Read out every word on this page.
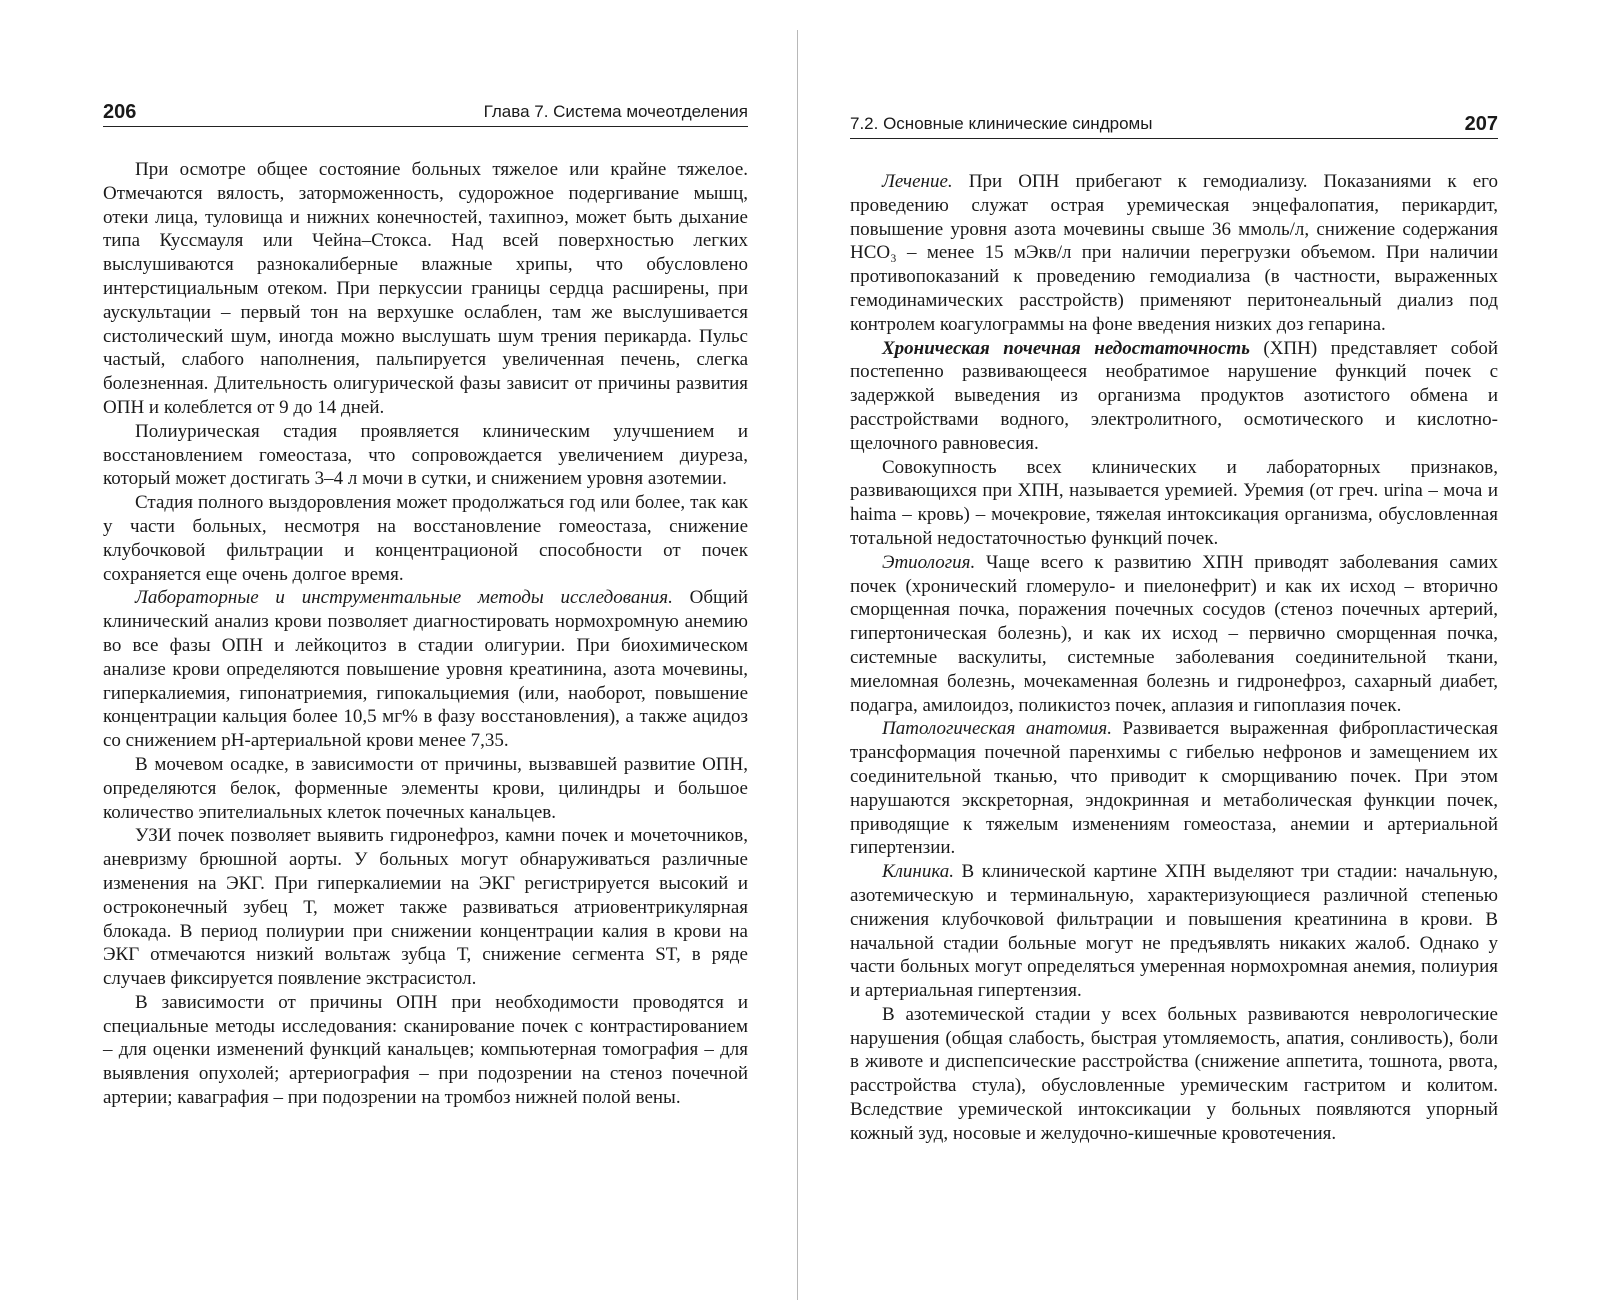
206	Глава 7. Система мочеотделения

При осмотре общее состояние больных тяжелое или крайне тяжелое. Отмечаются вялость, заторможенность, судорожное подергивание мышц, отеки лица, туловища и нижних конечностей, тахипноэ, может быть дыхание типа Куссмауля или Чейна–Стокса. Над всей поверхностью легких выслушиваются разнокалиберные влажные хрипы, что обусловлено интерстициальным отеком. При перкуссии границы сердца расширены, при аускультации – первый тон на верхушке ослаблен, там же выслушивается систолический шум, иногда можно выслушать шум трения перикарда. Пульс частый, слабого наполнения, пальпируется увеличенная печень, слегка болезненная. Длительность олигурической фазы зависит от причины развития ОПН и колеблется от 9 до 14 дней.

Полиурическая стадия проявляется клиническим улучшением и восстановлением гомеостаза, что сопровождается увеличением диуреза, который может достигать 3–4 л мочи в сутки, и снижением уровня азотемии.

Стадия полного выздоровления может продолжаться год или более, так как у части больных, несмотря на восстановление гомеостаза, снижение клубочковой фильтрации и концентрационой способности от почек сохраняется еще очень долгое время.

Лабораторные и инструментальные методы исследования. Общий клинический анализ крови позволяет диагностировать нормохромную анемию во все фазы ОПН и лейкоцитоз в стадии олигурии. При биохимическом анализе крови определяются повышение уровня креатинина, азота мочевины, гиперкалиемия, гипонатриемия, гипокальциемия (или, наоборот, повышение концентрации кальция более 10,5 мг% в фазу восстановления), а также ацидоз со снижением pH-артериальной крови менее 7,35.

В мочевом осадке, в зависимости от причины, вызвавшей развитие ОПН, определяются белок, форменные элементы крови, цилиндры и большое количество эпителиальных клеток почечных канальцев.

УЗИ почек позволяет выявить гидронефроз, камни почек и мочеточников, аневризму брюшной аорты. У больных могут обнаруживаться различные изменения на ЭКГ. При гиперкалиемии на ЭКГ регистрируется высокий и остроконечный зубец Т, может также развиваться атриовентрикулярная блокада. В период полиурии при снижении концентрации калия в крови на ЭКГ отмечаются низкий вольтаж зубца Т, снижение сегмента ST, в ряде случаев фиксируется появление экстрасистол.

В зависимости от причины ОПН при необходимости проводятся и специальные методы исследования: сканирование почек с контрастированием – для оценки изменений функций канальцев; компьютерная томография – для выявления опухолей; артериография – при подозрении на стеноз почечной артерии; каваграфия – при подозрении на тромбоз нижней полой вены.

7.2. Основные клинические синдромы	207

Лечение. При ОПН прибегают к гемодиализу. Показаниями к его проведению служат острая уремическая энцефалопатия, перикардит, повышение уровня азота мочевины свыше 36 ммоль/л, снижение содержания НСО₃ – менее 15 мЭкв/л при наличии перегрузки объемом. При наличии противопоказаний к проведению гемодиализа (в частности, выраженных гемодинамических расстройств) применяют перитонеальный диализ под контролем коагулограммы на фоне введения низких доз гепарина.

Хроническая почечная недостаточность (ХПН) представляет собой постепенно развивающееся необратимое нарушение функций почек с задержкой выведения из организма продуктов азотистого обмена и расстройствами водного, электролитного, осмотического и кислотно-щелочного равновесия.

Совокупность всех клинических и лабораторных признаков, развивающихся при ХПН, называется уремией. Уремия (от греч. urina – моча и haima – кровь) – мочекровие, тяжелая интоксикация организма, обусловленная тотальной недостаточностью функций почек.

Этиология. Чаще всего к развитию ХПН приводят заболевания самих почек (хронический гломеруло- и пиелонефрит) и как их исход – вторично сморщенная почка, поражения почечных сосудов (стеноз почечных артерий, гипертоническая болезнь), и как их исход – первично сморщенная почка, системные васкулиты, системные заболевания соединительной ткани, миеломная болезнь, мочекаменная болезнь и гидронефроз, сахарный диабет, подагра, амилоидоз, поликистоз почек, аплазия и гипоплазия почек.

Патологическая анатомия. Развивается выраженная фибропластическая трансформация почечной паренхимы с гибелью нефронов и замещением их соединительной тканью, что приводит к сморщиванию почек. При этом нарушаются экскреторная, эндокринная и метаболическая функции почек, приводящие к тяжелым изменениям гомеостаза, анемии и артериальной гипертензии.

Клиника. В клинической картине ХПН выделяют три стадии: начальную, азотемическую и терминальную, характеризующиеся различной степенью снижения клубочковой фильтрации и повышения креатинина в крови. В начальной стадии больные могут не предъявлять никаких жалоб. Однако у части больных могут определяться умеренная нормохромная анемия, полиурия и артериальная гипертензия.

В азотемической стадии у всех больных развиваются неврологические нарушения (общая слабость, быстрая утомляемость, апатия, сонливость), боли в животе и диспепсические расстройства (снижение аппетита, тошнота, рвота, расстройства стула), обусловленные уремическим гастритом и колитом. Вследствие уремической интоксикации у больных появляются упорный кожный зуд, носовые и желудочно-кишечные кровотечения.
